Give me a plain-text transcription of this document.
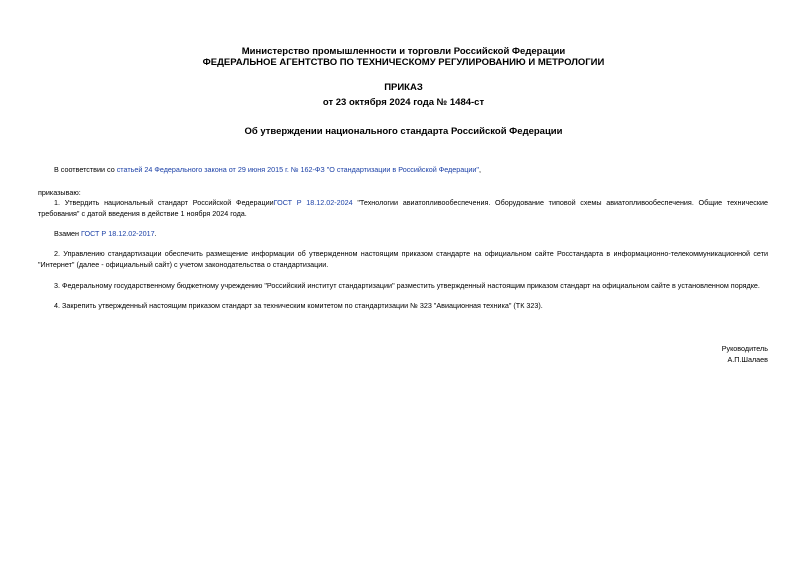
Министерство промышленности и торговли Российской Федерации
ФЕДЕРАЛЬНОЕ АГЕНТСТВО ПО ТЕХНИЧЕСКОМУ РЕГУЛИРОВАНИЮ И МЕТРОЛОГИИ
ПРИКАЗ
от 23 октября 2024 года № 1484-ст
Об утверждении национального стандарта Российской Федерации
В соответствии со статьей 24 Федерального закона от 29 июня 2015 г. № 162-ФЗ "О стандартизации в Российской Федерации",
приказываю:
1. Утвердить национальный стандарт Российской ФедерацииГОСТ Р 18.12.02-2024 "Технологии авиатопливообеспечения. Оборудование типовой схемы авиатопливообеспечения. Общие технические требования" с датой введения в действие 1 ноября 2024 года.
Взамен ГОСТ Р 18.12.02-2017.
2. Управлению стандартизации обеспечить размещение информации об утвержденном настоящим приказом стандарте на официальном сайте Росстандарта в информационно-телекоммуникационной сети "Интернет" (далее - официальный сайт) с учетом законодательства о стандартизации.
3. Федеральному государственному бюджетному учреждению "Российский институт стандартизации" разместить утвержденный настоящим приказом стандарт на официальном сайте в установленном порядке.
4. Закрепить утвержденный настоящим приказом стандарт за техническим комитетом по стандартизации № 323 "Авиационная техника" (ТК 323).
Руководитель
А.П.Шалаев
